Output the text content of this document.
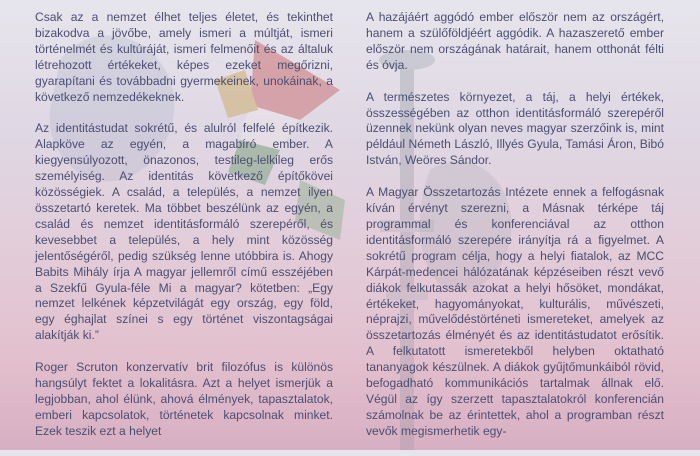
Csak az a nemzet élhet teljes életet, és tekinthet bizakodva a jövőbe, amely ismeri a múltját, ismeri történelmét és kultúráját, ismeri felmenőit és az általuk létrehozott értékeket, képes ezeket megőrizni, gyarapítani és továbbadni gyermekeinek, unokáinak, a következő nemzedékeknek.

Az identitástudat sokrétű, és alulról felfelé építkezik. Alapköve az egyén, a magabíró ember. A kiegyensúlyozott, önazonos, testileg-lelkileg erős személyiség. Az identitás következő építőkövei közösségiek. A család, a település, a nemzet ilyen összetartó keretek. Ma többet beszélünk az egyén, a család és nemzet identitásformáló szerepéről, és kevesebbet a település, a hely mint közösség jelentőségéről, pedig szükség lenne utóbbira is. Ahogy Babits Mihály írja A magyar jellemről című esszéjében a Szekfű Gyula-féle Mi a magyar? kötetben: „Egy nemzet lelkének képzetvilágát egy ország, egy föld, egy éghajlat színei s egy történet viszontagságai alakítják ki.”

Roger Scruton konzervatív brit filozófus is különös hangsúlyt fektet a lokalitásra. Azt a helyet ismerjük a legjobban, ahol élünk, ahová élmények, tapasztalatok, emberi kapcsolatok, történetek kapcsolnak minket. Ezek teszik ezt a helyet

A hazájáért aggódó ember először nem az országért, hanem a szülőföldjéért aggódik. A hazaszerető ember először nem országának határait, hanem otthonát félti és óvja.

A természetes környezet, a táj, a helyi értékek, összességében az otthon identitásformáló szerepéről üzennek nekünk olyan neves magyar szerzőink is, mint például Németh László, Illyés Gyula, Tamási Áron, Bibó István, Weöres Sándor.

A Magyar Összetartozás Intézete ennek a felfogásnak kíván érvényt szerezni, a Másnak térképe táj programmal és konferenciával az otthon identitásformáló szerepére irányítja rá a figyelmet. A sokrétű program célja, hogy a helyi fiatalok, az MCC Kárpát-medencei hálózatának képzéseiben részt vevő diákok felkutassák azokat a helyi hősöket, mondákat, értékeket, hagyományokat, kulturális, művészeti, néprajzi, művelődéstörténeti ismereteket, amelyek az összetartozás élményét és az identitástudatot erősítik. A felkutatott ismeretekből helyben oktatható tananyagok készülnek. A diákok gyűjtőmunkáiból rövid, befogadható kommunikációs tartalmak állnak elő. Végül az így szerzett tapasztalatokról konferencián számolnak be az érintettek, ahol a programban részt vevők megismerhetik egy-
